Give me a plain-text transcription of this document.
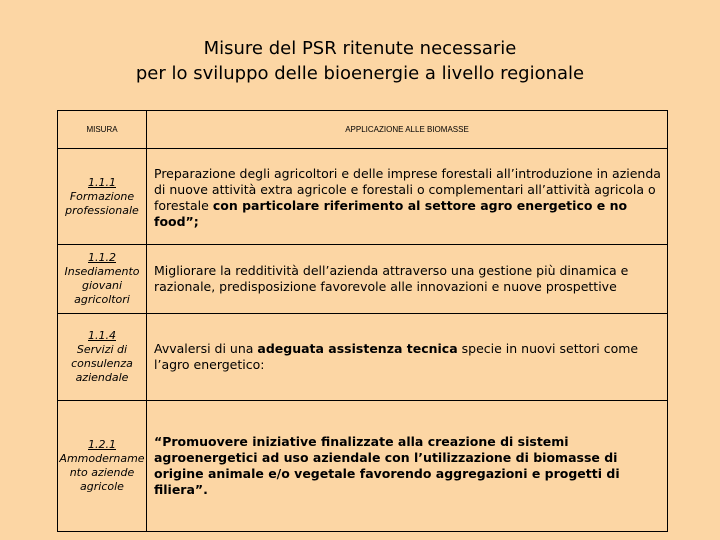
Misure del PSR ritenute necessarie
per lo sviluppo delle bioenergie a livello regionale
MISURA	APPLICAZIONE ALLE BIOMASSE

1.1.1
Formazione professionale	Preparazione degli agricoltori e delle imprese forestali all’introduzione in azienda di nuove attività extra agricole e forestali o complementari all’attività agricola o forestale con particolare riferimento al settore agro energetico e no food”;

1.1.2
Insediamento giovani agricoltori	Migliorare la redditività dell’azienda attraverso una gestione più dinamica e razionale, predisposizione favorevole alle innovazioni e nuove prospettive

1.1.4
Servizi di consulenza aziendale	Avvalersi di una adeguata assistenza tecnica specie in nuovi settori come l’agro energetico:

1.2.1
Ammodername nto aziende agricole	“Promuovere iniziative finalizzate alla creazione di sistemi agroenergetici ad uso aziendale con l’utilizzazione di biomasse di origine animale e/o vegetale favorendo aggregazioni e progetti di filiera”.
